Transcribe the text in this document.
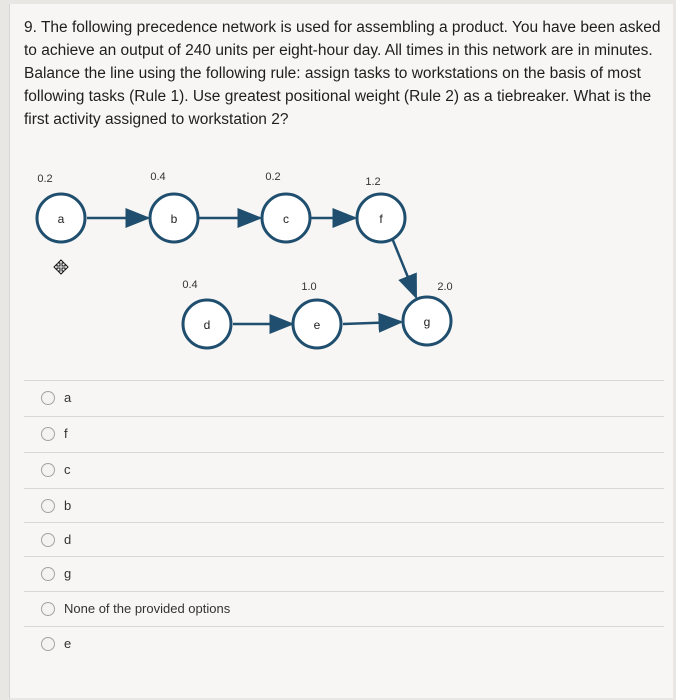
9. The following precedence network is used for assembling a product. You have been asked to achieve an output of 240 units per eight-hour day. All times in this network are in minutes. Balance the line using the following rule: assign tasks to workstations on the basis of most following tasks (Rule 1). Use greatest positional weight (Rule 2) as a tiebreaker. What is the first activity assigned to workstation 2?
a
0.2
b
0.4
c
0.2
f
1.2
d
0.4
e
1.0
g
2.0
a
f
c
b
d
g
None of the provided options
e
